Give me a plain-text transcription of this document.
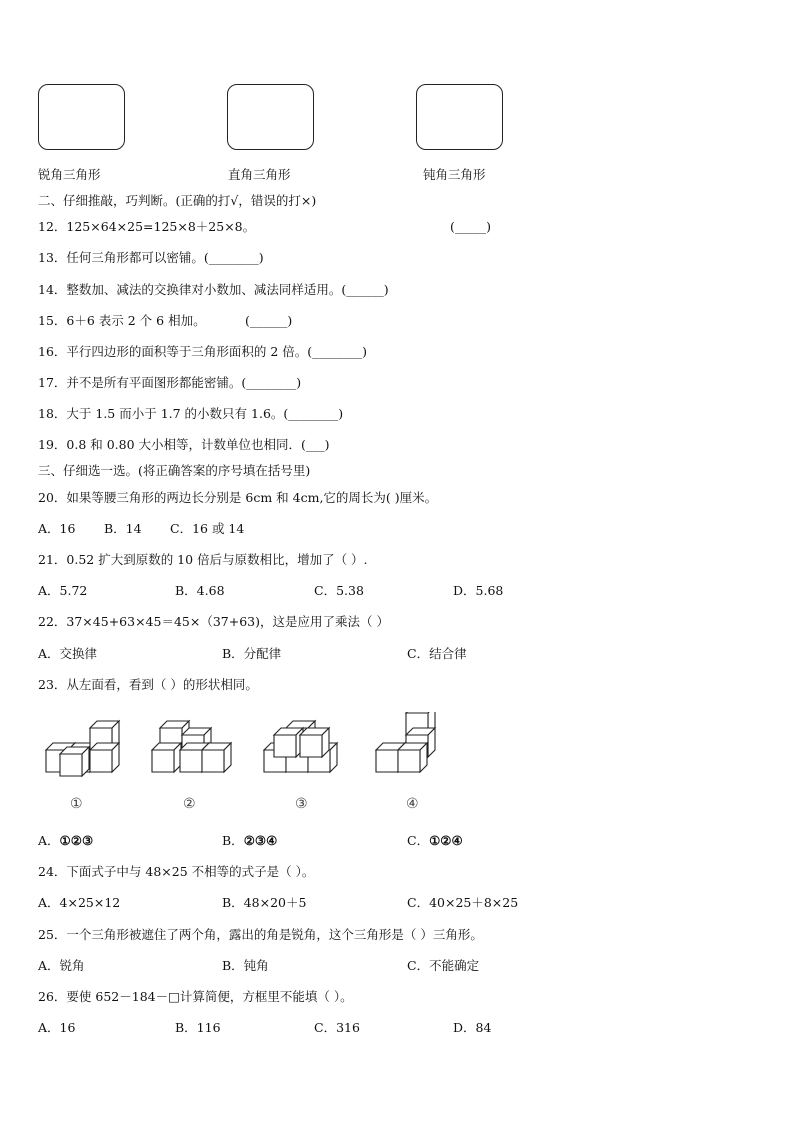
锐角三角形	直角三角形	钝角三角形
二、仔细推敲，巧判断。(正确的打√，错误的打×)
12．125×64×25=125×8＋25×8。	(_____)
13．任何三角形都可以密铺。(________)
14．整数加、减法的交换律对小数加、减法同样适用。(______)
15．6＋6 表示 2 个 6 相加。	(______)
16．平行四边形的面积等于三角形面积的 2 倍。(________)
17．并不是所有平面图形都能密铺。(________)
18．大于 1.5 而小于 1.7 的小数只有 1.6。(________)
19．0.8 和 0.80 大小相等，计数单位也相同．(___)
三、仔细选一选。(将正确答案的序号填在括号里)
20．如果等腰三角形的两边长分别是 6cm 和 4cm,它的周长为( )厘米。
A．16 B．14 C．16 或 14
21．0.52 扩大到原数的 10 倍后与原数相比，增加了（ ）.
A．5.72	B．4.68	C．5.38	D．5.68
22．37×45+63×45＝45×（37+63)，这是应用了乘法（ ）
A．交换律	B．分配律	C．结合律
23．从左面看，看到（ ）的形状相同。
①	②	③	④
A．①②③	B．②③④	C．①②④
24．下面式子中与 48×25 不相等的式子是（ ）。
A．4×25×12	B．48×20＋5	C．40×25＋8×25
25．一个三角形被遮住了两个角，露出的角是锐角，这个三角形是（ ）三角形。
A．锐角	B．钝角	C．不能确定
26．要使 652－184－□计算简便，方框里不能填（ ）。
A．16	B．116	C．316	D．84
